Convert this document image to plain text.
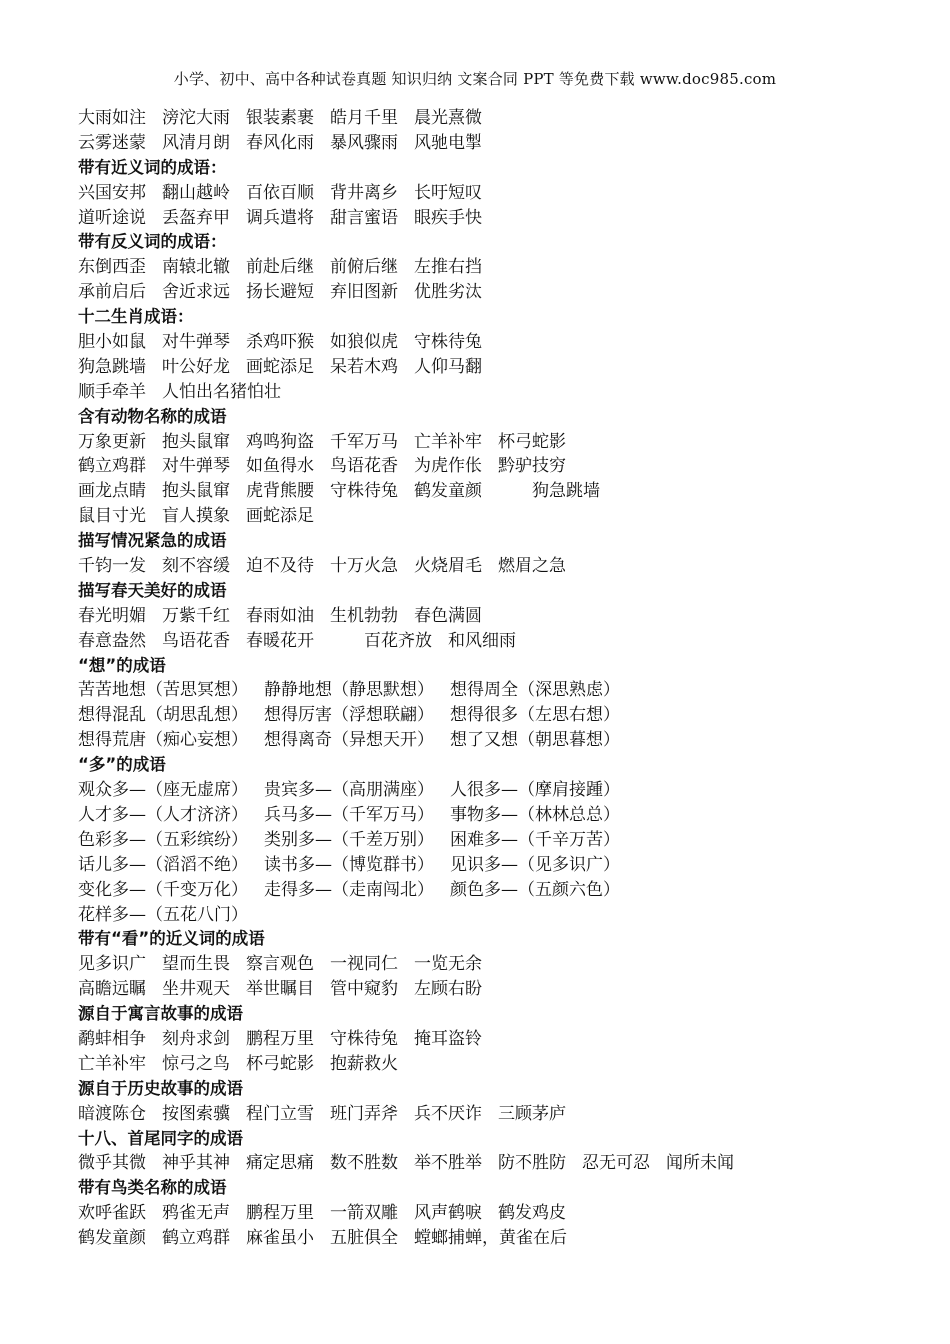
小学、初中、高中各种试卷真题 知识归纳 文案合同 PPT 等免费下载 www.doc985.com
大雨如注 滂沱大雨 银装素裹 皓月千里 晨光熹微
云雾迷蒙 风清月朗 春风化雨 暴风骤雨 风驰电掣
带有近义词的成语：
兴国安邦 翻山越岭 百依百顺 背井离乡 长吁短叹
道听途说 丢盔弃甲 调兵遣将 甜言蜜语 眼疾手快
带有反义词的成语：
东倒西歪 南辕北辙 前赴后继 前俯后继 左推右挡
承前启后 舍近求远 扬长避短 弃旧图新 优胜劣汰
十二生肖成语：
胆小如鼠 对牛弹琴 杀鸡吓猴 如狼似虎 守株待兔
狗急跳墙 叶公好龙 画蛇添足 呆若木鸡 人仰马翻
顺手牵羊 人怕出名猪怕壮
含有动物名称的成语
万象更新 抱头鼠窜 鸡鸣狗盗 千军万马 亡羊补牢 杯弓蛇影
鹤立鸡群 对牛弹琴 如鱼得水 鸟语花香 为虎作伥 黔驴技穷
画龙点睛 抱头鼠窜 虎背熊腰 守株待兔 鹤发童颜　　狗急跳墙
鼠目寸光 盲人摸象 画蛇添足
描写情况紧急的成语
千钧一发 刻不容缓 迫不及待 十万火急 火烧眉毛 燃眉之急
描写春天美好的成语
春光明媚 万紫千红 春雨如油 生机勃勃 春色满圆
春意盎然 鸟语花香 春暖花开　　百花齐放 和风细雨
“想”的成语
苦苦地想（苦思冥想） 静静地想（静思默想） 想得周全（深思熟虑）
想得混乱（胡思乱想） 想得厉害（浮想联翩） 想得很多（左思右想）
想得荒唐（痴心妄想） 想得离奇（异想天开） 想了又想（朝思暮想）
“多”的成语
观众多—（座无虚席） 贵宾多—（高朋满座） 人很多—（摩肩接踵）
人才多—（人才济济） 兵马多—（千军万马） 事物多—（林林总总）
色彩多—（五彩缤纷） 类别多—（千差万别） 困难多—（千辛万苦）
话儿多—（滔滔不绝） 读书多—（博览群书） 见识多—（见多识广）
变化多—（千变万化） 走得多—（走南闯北） 颜色多—（五颜六色）
花样多—（五花八门）
带有“看”的近义词的成语
见多识广 望而生畏 察言观色 一视同仁 一览无余
高瞻远瞩 坐井观天 举世瞩目 管中窥豹 左顾右盼
源自于寓言故事的成语
鹬蚌相争 刻舟求剑 鹏程万里 守株待兔 掩耳盗铃
亡羊补牢 惊弓之鸟 杯弓蛇影 抱薪救火
源自于历史故事的成语
暗渡陈仓 按图索骥 程门立雪 班门弄斧 兵不厌诈 三顾茅庐
十八、首尾同字的成语
微乎其微 神乎其神 痛定思痛 数不胜数 举不胜举 防不胜防 忍无可忍 闻所未闻
带有鸟类名称的成语
欢呼雀跃 鸦雀无声 鹏程万里 一箭双雕 风声鹤唳 鹤发鸡皮
鹤发童颜 鹤立鸡群 麻雀虽小 五脏俱全 螳螂捕蝉，黄雀在后
